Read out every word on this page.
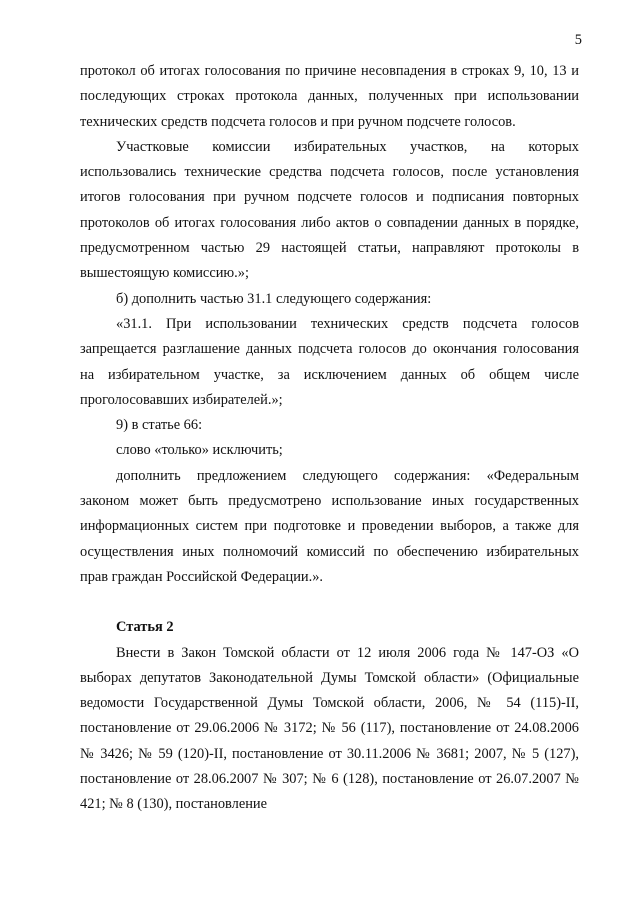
5

протокол об итогах голосования по причине несовпадения в строках 9, 10, 13 и последующих строках протокола данных, полученных при использовании технических средств подсчета голосов и при ручном подсчете голосов.

Участковые комиссии избирательных участков, на которых использовались технические средства подсчета голосов, после установления итогов голосования при ручном подсчете голосов и подписания повторных протоколов об итогах голосования либо актов о совпадении данных в порядке, предусмотренном частью 29 настоящей статьи, направляют протоколы в вышестоящую комиссию.»;

б) дополнить частью 31.1 следующего содержания:

«31.1. При использовании технических средств подсчета голосов запрещается разглашение данных подсчета голосов до окончания голосования на избирательном участке, за исключением данных об общем числе проголосовавших избирателей.»;

9) в статье 66:

слово «только» исключить;

дополнить предложением следующего содержания: «Федеральным законом может быть предусмотрено использование иных государственных информационных систем при подготовке и проведении выборов, а также для осуществления иных полномочий комиссий по обеспечению избирательных прав граждан Российской Федерации.».

Статья 2

Внести в Закон Томской области от 12 июля 2006 года № 147-ОЗ «О выборах депутатов Законодательной Думы Томской области» (Официальные ведомости Государственной Думы Томской области, 2006, № 54 (115)-II, постановление от 29.06.2006 № 3172; № 56 (117), постановление от 24.08.2006 № 3426; № 59 (120)-II, постановление от 30.11.2006 № 3681; 2007, № 5 (127), постановление от 28.06.2007 № 307; № 6 (128), постановление от 26.07.2007 № 421; № 8 (130), постановление
